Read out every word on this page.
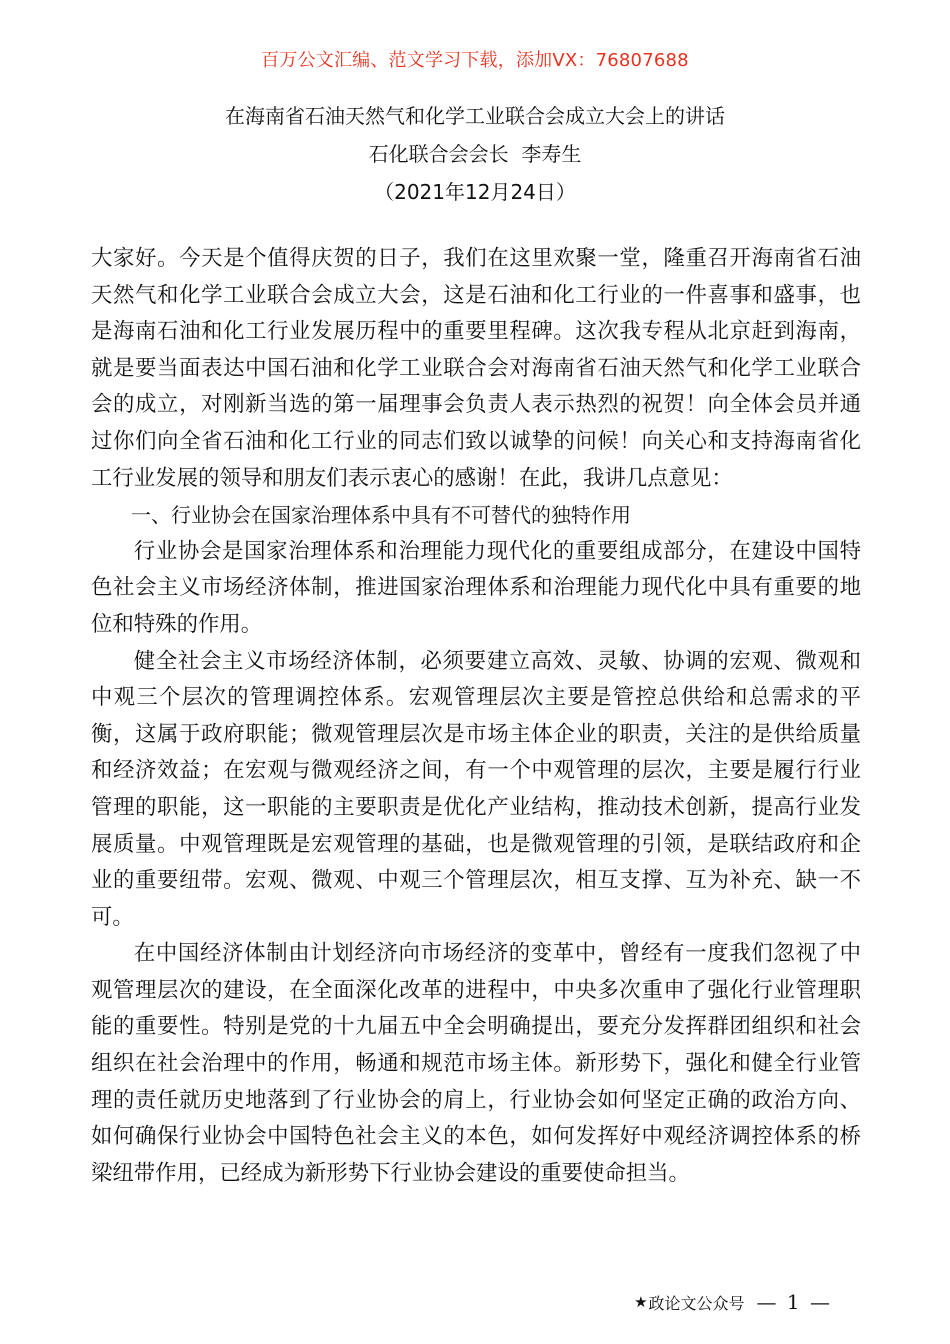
百万公文汇编、范文学习下载，添加VX：76807688
在海南省石油天然气和化学工业联合会成立大会上的讲话
石化联合会会长  李寿生
（2021年12月24日）

大家好。今天是个值得庆贺的日子，我们在这里欢聚一堂，隆重召开海南省石油天然气和化学工业联合会成立大会，这是石油和化工行业的一件喜事和盛事，也是海南石油和化工行业发展历程中的重要里程碑。这次我专程从北京赶到海南，就是要当面表达中国石油和化学工业联合会对海南省石油天然气和化学工业联合会的成立，对刚新当选的第一届理事会负责人表示热烈的祝贺！向全体会员并通过你们向全省石油和化工行业的同志们致以诚挚的问候！向关心和支持海南省化工行业发展的领导和朋友们表示衷心的感谢！在此，我讲几点意见：

一、行业协会在国家治理体系中具有不可替代的独特作用

行业协会是国家治理体系和治理能力现代化的重要组成部分，在建设中国特色社会主义市场经济体制，推进国家治理体系和治理能力现代化中具有重要的地位和特殊的作用。

健全社会主义市场经济体制，必须要建立高效、灵敏、协调的宏观、微观和中观三个层次的管理调控体系。宏观管理层次主要是管控总供给和总需求的平衡，这属于政府职能；微观管理层次是市场主体企业的职责，关注的是供给质量和经济效益；在宏观与微观经济之间，有一个中观管理的层次，主要是履行行业管理的职能，这一职能的主要职责是优化产业结构，推动技术创新，提高行业发展质量。中观管理既是宏观管理的基础，也是微观管理的引领，是联结政府和企业的重要纽带。宏观、微观、中观三个管理层次，相互支撑、互为补充、缺一不可。

在中国经济体制由计划经济向市场经济的变革中，曾经有一度我们忽视了中观管理层次的建设，在全面深化改革的进程中，中央多次重申了强化行业管理职能的重要性。特别是党的十九届五中全会明确提出，要充分发挥群团组织和社会组织在社会治理中的作用，畅通和规范市场主体。新形势下，强化和健全行业管理的责任就历史地落到了行业协会的肩上，行业协会如何坚定正确的政治方向、如何确保行业协会中国特色社会主义的本色，如何发挥好中观经济调控体系的桥梁纽带作用，已经成为新形势下行业协会建设的重要使命担当。

★ 政论文公众号 — 1 —
